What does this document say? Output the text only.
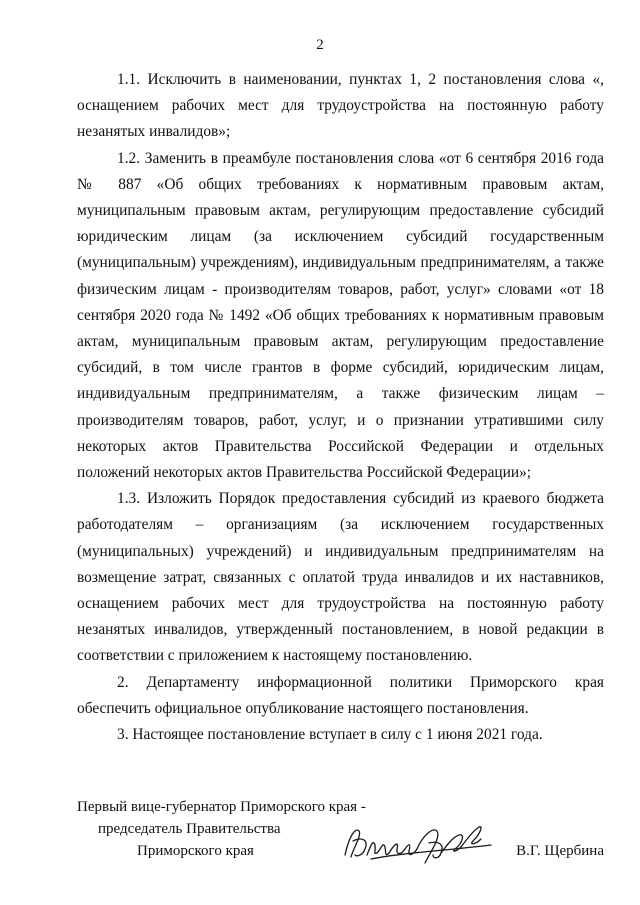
2

1.1. Исключить в наименовании, пунктах 1, 2 постановления слова «, оснащением рабочих мест для трудоустройства на постоянную работу незанятых инвалидов»;

1.2. Заменить в преамбуле постановления слова «от 6 сентября 2016 года № 887 «Об общих требованиях к нормативным правовым актам, муниципальным правовым актам, регулирующим предоставление субсидий юридическим лицам (за исключением субсидий государственным (муниципальным) учреждениям), индивидуальным предпринимателям, а также физическим лицам - производителям товаров, работ, услуг» словами «от 18 сентября 2020 года № 1492 «Об общих требованиях к нормативным правовым актам, муниципальным правовым актам, регулирующим предоставление субсидий, в том числе грантов в форме субсидий, юридическим лицам, индивидуальным предпринимателям, а также физическим лицам – производителям товаров, работ, услуг, и о признании утратившими силу некоторых актов Правительства Российской Федерации и отдельных положений некоторых актов Правительства Российской Федерации»;

1.3. Изложить Порядок предоставления субсидий из краевого бюджета работодателям – организациям (за исключением государственных (муниципальных) учреждений) и индивидуальным предпринимателям на возмещение затрат, связанных с оплатой труда инвалидов и их наставников, оснащением рабочих мест для трудоустройства на постоянную работу незанятых инвалидов, утвержденный постановлением, в новой редакции в соответствии с приложением к настоящему постановлению.

2. Департаменту информационной политики Приморского края обеспечить официальное опубликование настоящего постановления.

3. Настоящее постановление вступает в силу с 1 июня 2021 года.

Первый вице-губернатор Приморского края -
председатель Правительства
Приморского края	В.Г. Щербина
